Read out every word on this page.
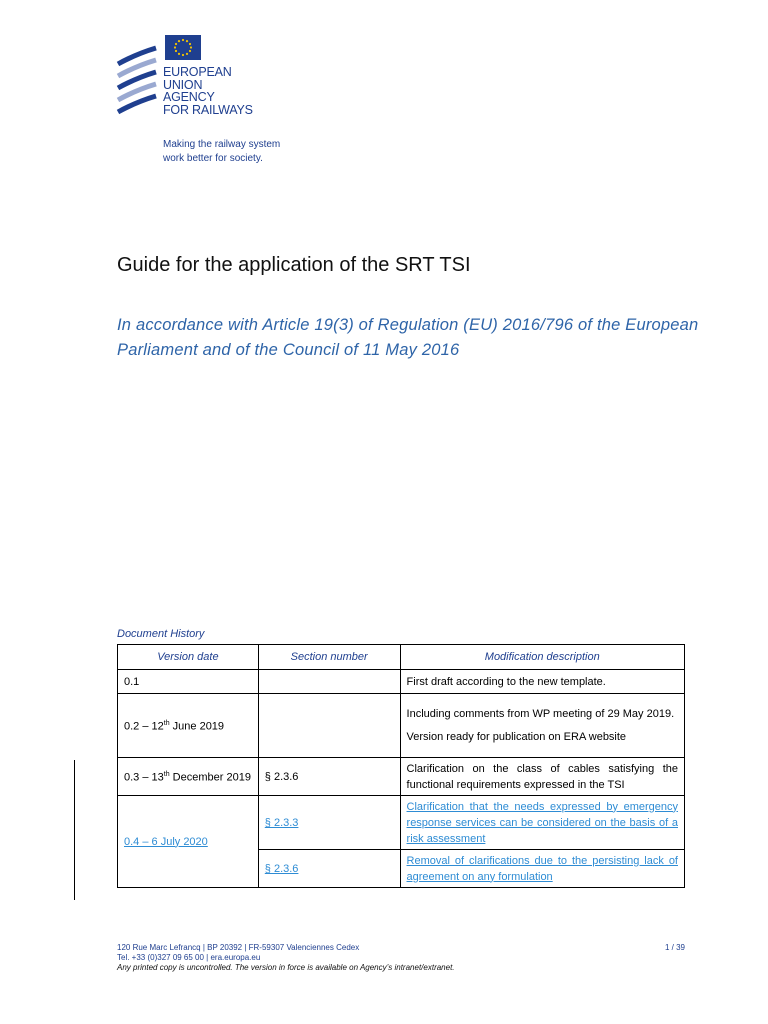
EUROPEAN
UNION
AGENCY
FOR RAILWAYS
Making the railway system
work better for society.
Guide for the application of the SRT TSI
In accordance with Article 19(3) of Regulation (EU) 2016/796 of the European Parliament and of the Council of 11 May 2016
Document History
Version date	Section number	Modification description
0.1		First draft according to the new template.
0.2 – 12th June 2019		Including comments from WP meeting of 29 May 2019.

Version ready for publication on ERA website

0.3 – 13th December 2019	§ 2.3.6	Clarification on the class of cables satisfying the functional requirements expressed in the TSI
0.4 – 6 July 2020	§ 2.3.3	Clarification that the needs expressed by emergency response services can be considered on the basis of a risk assessment
	§ 2.3.6	Removal of clarifications due to the persisting lack of agreement on any formulation
120 Rue Marc Lefrancq | BP 20392 | FR-59307 Valenciennes Cedex
Tel. +33 (0)327 09 65 00 | era.europa.eu
Any printed copy is uncontrolled. The version in force is available on Agency’s intranet/extranet.
1 / 39
